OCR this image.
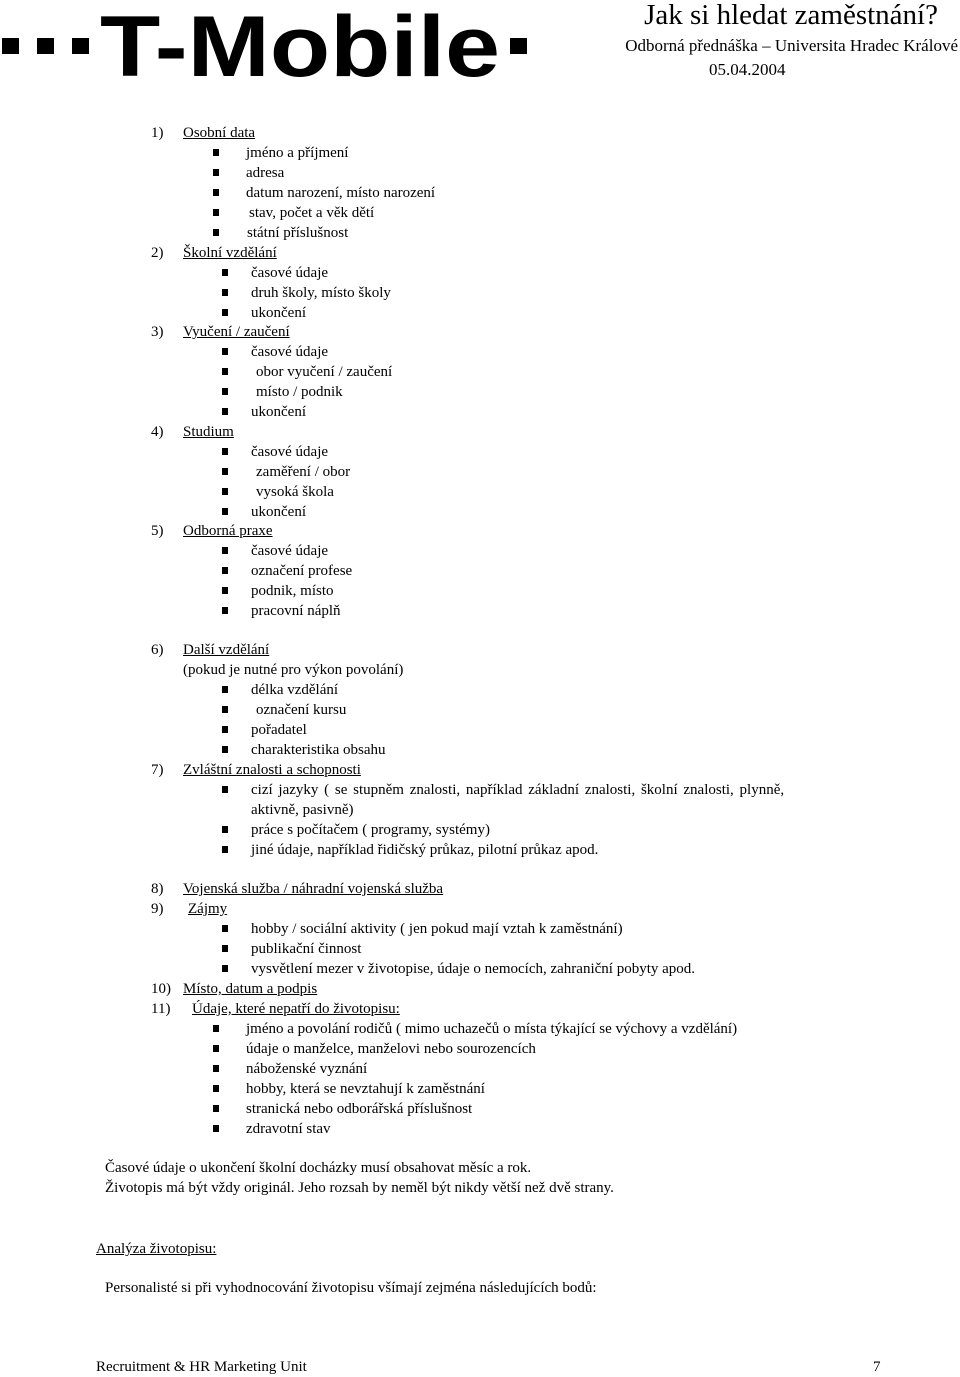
T-Mobile	Jak si hledat zaměstnání?
Odborná přednáška – Universita Hradec Králové
05.04.2004
1) Osobní data
jméno a příjmení
adresa
datum narození, místo narození
stav, počet a věk dětí
státní příslušnost
2) Školní vzdělání
časové údaje
druh školy, místo školy
ukončení
3) Vyučení / zaučení
časové údaje
obor vyučení / zaučení
místo / podnik
ukončení
4) Studium
časové údaje
zaměření / obor
vysoká škola
ukončení
5) Odborná praxe
časové údaje
označení profese
podnik, místo
pracovní náplň
6) Další vzdělání
(pokud je nutné pro výkon povolání)
délka vzdělání
označení kursu
pořadatel
charakteristika obsahu
7) Zvláštní znalosti a schopnosti
cizí jazyky ( se stupněm znalosti, například základní znalosti, školní znalosti, plynně,
aktivně, pasivně)
práce s počítačem ( programy, systémy)
jiné údaje, například řidičský průkaz, pilotní průkaz apod.
8) Vojenská služba / náhradní vojenská služba
9) Zájmy
hobby / sociální aktivity ( jen pokud mají vztah k zaměstnání)
publikační činnost
vysvětlení mezer v životopise, údaje o nemocích, zahraniční pobyty apod.
10) Místo, datum a podpis
11) Údaje, které nepatří do životopisu:
jméno a povolání rodičů ( mimo uchazečů o místa týkající se výchovy a vzdělání)
údaje o manželce, manželovi nebo sourozencích
náboženské vyznání
hobby, která se nevztahují k zaměstnání
stranická nebo odborářská příslušnost
zdravotní stav
Časové údaje o ukončení školní docházky musí obsahovat měsíc a rok.
Životopis má být vždy originál. Jeho rozsah by neměl být nikdy větší než dvě strany.
Analýza životopisu:
Personalisté si při vyhodnocování životopisu všímají zejména následujících bodů:
Recruitment & HR Marketing Unit	7
